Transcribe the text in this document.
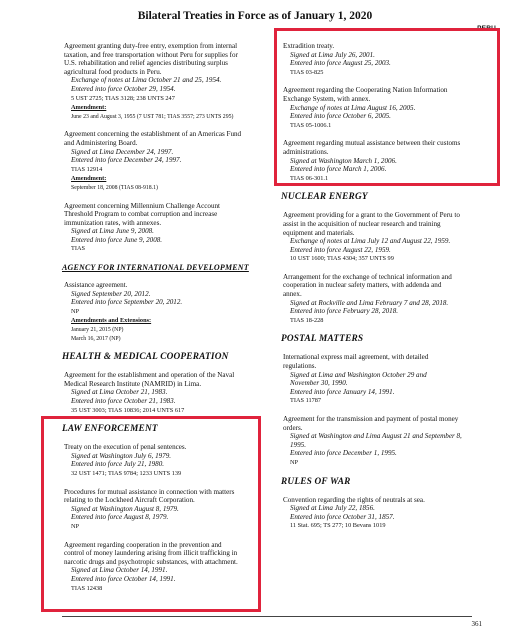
Bilateral Treaties in Force as of January 1, 2020
PERU
Agreement granting duty-free entry, exemption from internal
taxation, and free transportation without Peru for supplies for
U.S. rehabilitation and relief agencies distributing surplus
agricultural food products in Peru.
Exchange of notes at Lima October 21 and 25, 1954.
Entered into force October 29, 1954.
5 UST 2725; TIAS 3128; 238 UNTS 247
Amendment:
June 23 and August 3, 1955 (7 UST 781; TIAS 3557; 273 UNTS 295)
Agreement concerning the establishment of an Americas Fund
and Administering Board.
Signed at Lima December 24, 1997.
Entered into force December 24, 1997.
TIAS 12914
Amendment:
September 18, 2008 (TIAS 08-918.1)
Agreement concerning Millennium Challenge Account
Threshold Program to combat corruption and increase
immunization rates, with annexes.
Signed at Lima June 9, 2008.
Entered into force June 9, 2008.
TIAS
AGENCY FOR INTERNATIONAL DEVELOPMENT
Assistance agreement.
Signed September 20, 2012.
Entered into force September 20, 2012.
NP
Amendments and Extensions:
January 21, 2015 (NP)
March 16, 2017 (NP)
HEALTH & MEDICAL COOPERATION
Agreement for the establishment and operation of the Naval
Medical Research Institute (NAMRID) in Lima.
Signed at Lima October 21, 1983.
Entered into force October 21, 1983.
35 UST 3003; TIAS 10836; 2014 UNTS 617
LAW ENFORCEMENT
Treaty on the execution of penal sentences.
Signed at Washington July 6, 1979.
Entered into force July 21, 1980.
32 UST 1471; TIAS 9784; 1233 UNTS 139
Procedures for mutual assistance in connection with matters
relating to the Lockheed Aircraft Corporation.
Signed at Washington August 8, 1979.
Entered into force August 8, 1979.
NP
Agreement regarding cooperation in the prevention and
control of money laundering arising from illicit trafficking in
narcotic drugs and psychotropic substances, with attachment.
Signed at Lima October 14, 1991.
Entered into force October 14, 1991.
TIAS 12438
Extradition treaty.
Signed at Lima July 26, 2001.
Entered into force August 25, 2003.
TIAS 03-825
Agreement regarding the Cooperating Nation Information
Exchange System, with annex.
Exchange of notes at Lima August 16, 2005.
Entered into force October 6, 2005.
TIAS 05-1006.1
Agreement regarding mutual assistance between their customs
administrations.
Signed at Washington March 1, 2006.
Entered into force March 1, 2006.
TIAS 06-301.1
NUCLEAR ENERGY
Agreement providing for a grant to the Government of Peru to
assist in the acquisition of nuclear research and training
equipment and materials.
Exchange of notes at Lima July 12 and August 22, 1959.
Entered into force August 22, 1959.
10 UST 1600; TIAS 4304; 357 UNTS 99
Arrangement for the exchange of technical information and
cooperation in nuclear safety matters, with addenda and
annex.
Signed at Rockville and Lima February 7 and 28, 2018.
Entered into force February 28, 2018.
TIAS 18-228
POSTAL MATTERS
International express mail agreement, with detailed
regulations.
Signed at Lima and Washington October 29 and
November 30, 1990.
Entered into force January 14, 1991.
TIAS 11787
Agreement for the transmission and payment of postal money
orders.
Signed at Washington and Lima August 21 and September 8,
1995.
Entered into force December 1, 1995.
NP
RULES OF WAR
Convention regarding the rights of neutrals at sea.
Signed at Lima July 22, 1856.
Entered into force October 31, 1857.
11 Stat. 695; TS 277; 10 Bevans 1019
361
